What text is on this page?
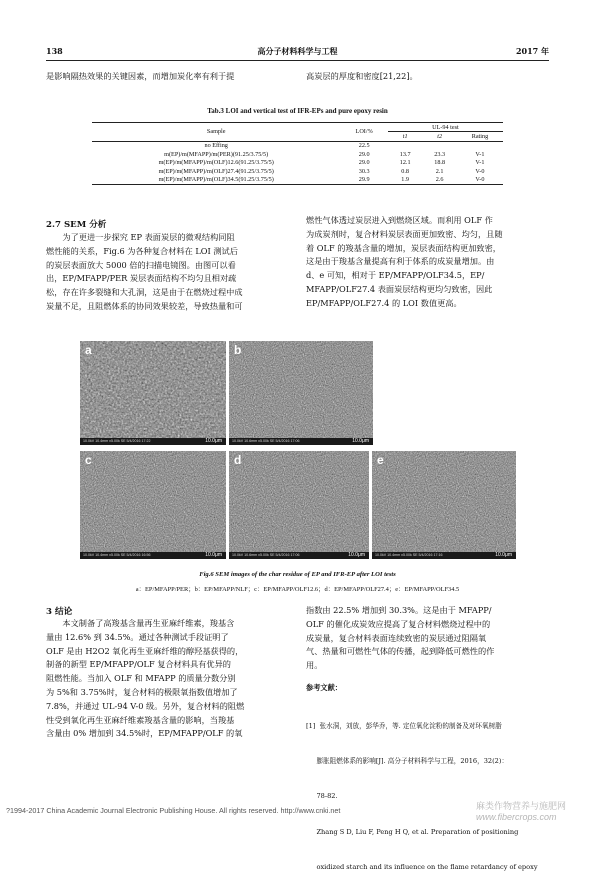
138	高分子材料科学与工程	2017 年
是影响隔热效果的关键因素，而增加炭化率有利于提	高炭层的厚度和密度[21,22]。
Tab.3 LOI and vertical test of IFR-EPs and pure epoxy resin
Sample	LOI/%	UL-94 test		
		t1	t2	Rating
no Effing	22.5			
m(EP)/m(MFAPP)/m(PER)(91.25/3.75/5)	29.0	13.7	23.3	V-1
m(EP)/m(MFAPP)/m(OLF)12.6(91.25/3.75/5)	29.0	12.1	18.8	V-1
m(EP)/m(MFAPP)/m(OLF)27.4(91.25/3.75/5)	30.3	0.8	2.1	V-0
m(EP)/m(MFAPP)/m(OLF)34.5(91.25/3.75/5)	29.9	1.9	2.6	V-0
2.7 SEM 分析
为了更进一步探究 EP 表面炭层的微观结构同阻
燃性能的关系，Fig.6 为各种复合材料在 LOI 测试后
的炭层表面放大 5000 倍的扫描电镜图。由图可以看
出，EP/MFAPP/PER 炭层表面结构不均匀且相对疏
松，存在许多裂缝和大孔洞，这是由于在燃烧过程中成
炭量不足，且阻燃体系的协同效果较差，导致热量和可
燃性气体透过炭层进入到燃烧区域。而利用 OLF 作
为成炭剂时，复合材料炭层表面更加致密、均匀，且随
着 OLF 的羧基含量的增加，炭层表面结构更加致密，
这是由于羧基含量提高有利于体系的成炭量增加。由
d、e 可知，相对于 EP/MFAPP/OLF34.5，EP/
MFAPP/OLF27.4 表面炭层结构更均匀致密，因此
EP/MFAPP/OLF27.4 的 LOI 数值更高。
a
10.0kV 10.4mm x5.00k SE 5/4/2016 17:22	10.0μm
b
10.0kV 10.6mm x5.00k SE 5/4/2016 17:06	10.0μm
c
10.0kV 10.4mm x5.00k SE 5/4/2016 16:56	10.0μm
d
10.0kV 10.6mm x5.00k SE 5/4/2016 17:06	10.0μm
e
10.0kV 10.4mm x5.00k SE 5/4/2016 17:16	10.0μm
Fig.6 SEM images of the char residue of EP and IFR-EP after LOI tests
a：EP/MFAPP/PER；b：EP/MFAPP/NLF；c：EP/MFAPP/OLF12.6；d：EP/MFAPP/OLF27.4；e：EP/MFAPP/OLF34.5
3 结论
本文制备了高羧基含量再生亚麻纤维素，羧基含
量由 12.6% 到 34.5%。通过各种测试手段证明了
OLF 是由 H2O2 氧化再生亚麻纤维的醇羟基获得的，
制备的新型 EP/MFAPP/OLF 复合材料具有优异的
阻燃性能。当加入 OLF 和 MFAPP 的质量分数分别
为 5%和 3.75%时，复合材料的极限氧指数值增加了
7.8%，并通过 UL-94 V-0 级。另外，复合材料的阻燃
性受到氧化再生亚麻纤维素羧基含量的影响，当羧基
含量由 0% 增加到 34.5%时，EP/MFAPP/OLF 的氧
指数由 22.5% 增加到 30.3%。这是由于 MFAPP/
OLF 的催化成炭效应提高了复合材料燃烧过程中的
成炭量，复合材料表面连续致密的炭层通过阻隔氧
气、热量和可燃性气体的传播，起到降低可燃性的作
用。
参考文献：

[1]  张水洞，刘放，彭华乔，等. 定位氧化淀粉的制备及对环氧树脂

膨胀阻燃体系的影响[J]. 高分子材料科学与工程，2016，32(2)：

78-82.

Zhang S D, Liu F, Peng H Q, et al. Preparation of positioning

oxidized starch and its influence on the flame retardancy of epoxy

?1994-2017 China Academic Journal Electronic Publishing House. All rights reserved. http://www.cnki.net	麻类作物营养与施肥网
www.fibercrops.com
